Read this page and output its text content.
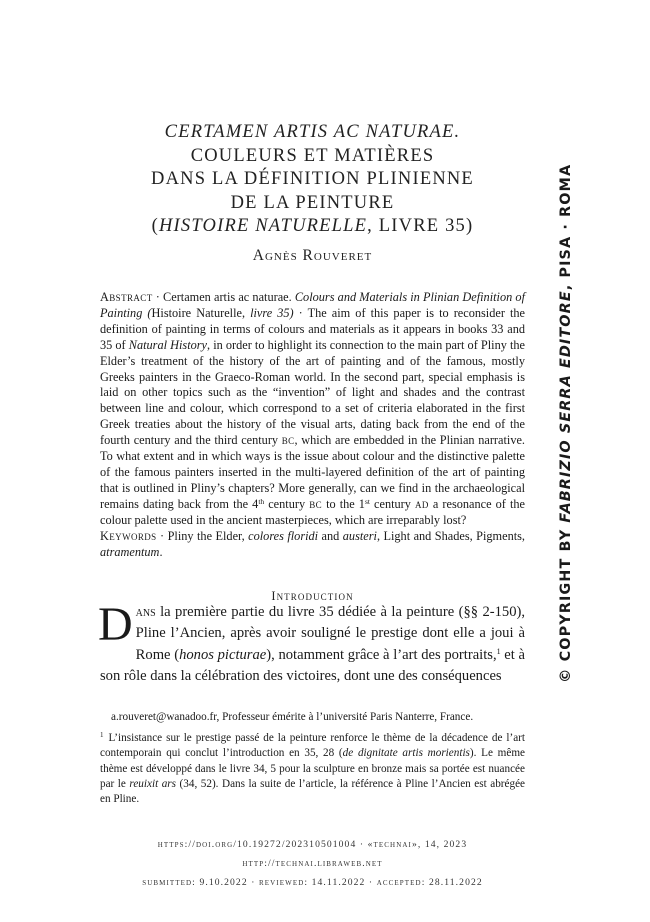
CERTAMEN ARTIS AC NATURAE.
COULEURS ET MATIÈRES
DANS LA DÉFINITION PLINIENNE
DE LA PEINTURE
(HISTOIRE NATURELLE, LIVRE 35)
Agnès Rouveret

Abstract · Certamen artis ac naturae. Colours and Materials in Plinian Definition of Painting (Histoire Naturelle, livre 35) · The aim of this paper is to reconsider the definition of painting in terms of colours and materials as it appears in books 33 and 35 of Natural History, in order to highlight its connection to the main part of Pliny the Elder’s treatment of the history of the art of painting and of the famous, mostly Greeks painters in the Graeco-Roman world. In the second part, special emphasis is laid on other topics such as the “invention” of light and shades and the contrast between line and colour, which correspond to a set of criteria elaborated in the first Greek treaties about the history of the visual arts, dating back from the end of the fourth century and the third century bc, which are embedded in the Plinian narrative. To what extent and in which ways is the issue about colour and the distinctive palette of the famous painters inserted in the multi-layered definition of the art of painting that is outlined in Pliny’s chapters? More generally, can we find in the archaeological remains dating back from the 4th century bc to the 1st century ad a resonance of the colour palette used in the ancient masterpieces, which are irreparably lost?

Keywords · Pliny the Elder, colores floridi and austeri, Light and Shades, Pigments, atramentum.

Introduction

Dans la première partie du livre 35 dédiée à la peinture (§§ 2-150), Pline l’Ancien, après avoir souligné le prestige dont elle a joui à Rome (honos picturae), notamment grâce à l’art des portraits,$^1$ et à son rôle dans la célébration des victoires, dont une des conséquences

a.rouveret@wanadoo.fr, Professeur émérite à l’université Paris Nanterre, France.

$^1$ L’insistance sur le prestige passé de la peinture renforce le thème de la décadence de l’art contemporain qui conclut l’introduction en 35, 28 (de dignitate artis morientis). Le même thème est développé dans le livre 34, 5 pour la sculpture en bronze mais sa portée est nuancée par le reuixit ars (34, 52). Dans la suite de l’article, la référence à Pline l’Ancien est abrégée en Pline.

https://doi.org/10.19272/202310501004 · «technai», 14, 2023
http://technai.libraweb.net
submitted: 9.10.2022 · reviewed: 14.11.2022 · accepted: 28.11.2022
© COPYRIGHT BY FABRIZIO SERRA EDITORE, PISA · ROMA
